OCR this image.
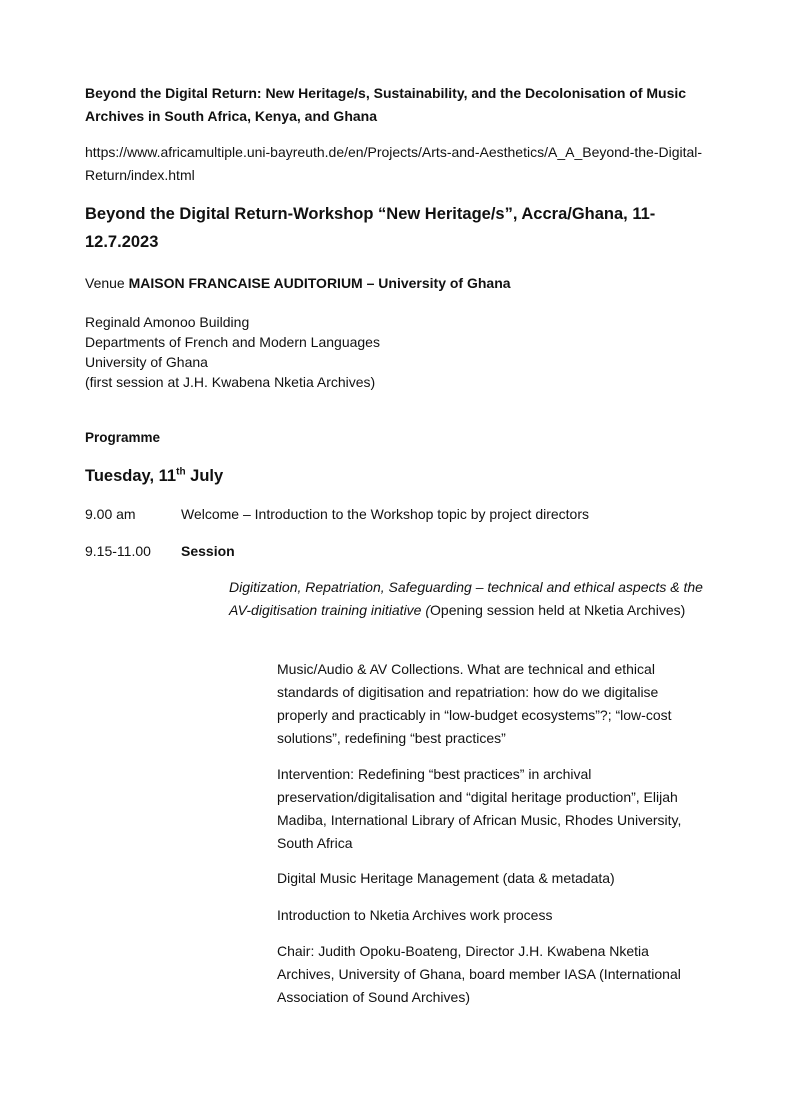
Beyond the Digital Return: New Heritage/s, Sustainability, and the Decolonisation of Music Archives in South Africa, Kenya, and Ghana
https://www.africamultiple.uni-bayreuth.de/en/Projects/Arts-and-Aesthetics/A_A_Beyond-the-Digital-Return/index.html
Beyond the Digital Return-Workshop “New Heritage/s”, Accra/Ghana, 11-12.7.2023
Venue MAISON FRANCAISE AUDITORIUM – University of Ghana
Reginald Amonoo Building
Departments of French and Modern Languages
University of Ghana
(first session at J.H. Kwabena Nketia Archives)
Programme
Tuesday, 11th July
9.00 am	Welcome – Introduction to the Workshop topic by project directors
9.15-11.00 Session
Digitization, Repatriation, Safeguarding – technical and ethical aspects & the AV-digitisation training initiative (Opening session held at Nketia Archives)
Music/Audio & AV Collections. What are technical and ethical standards of digitisation and repatriation: how do we digitalise properly and practicably in “low-budget ecosystems”?; “low-cost solutions”, redefining “best practices”
Intervention: Redefining “best practices” in archival preservation/digitalisation and “digital heritage production”, Elijah Madiba, International Library of African Music, Rhodes University, South Africa
Digital Music Heritage Management (data & metadata)
Introduction to Nketia Archives work process
Chair: Judith Opoku-Boateng, Director J.H. Kwabena Nketia Archives, University of Ghana, board member IASA (International Association of Sound Archives)
